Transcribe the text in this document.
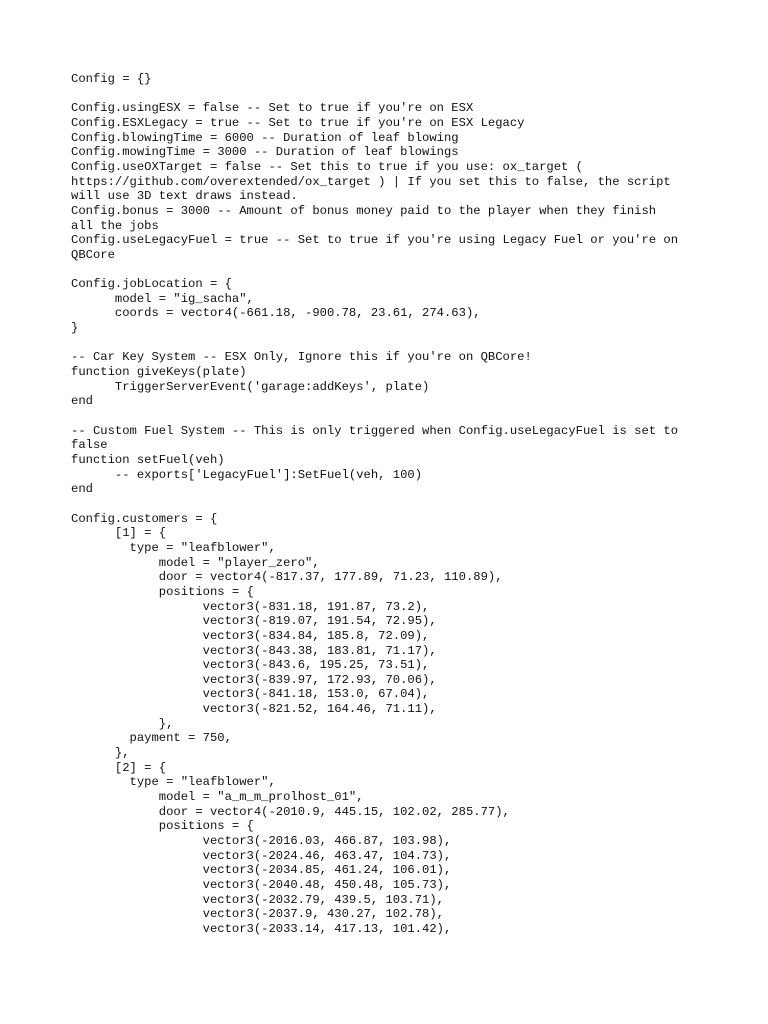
Config = {}
Config.usingESX = false -- Set to true if you're on ESX
Config.ESXLegacy = true -- Set to true if you're on ESX Legacy
Config.blowingTime = 6000 -- Duration of leaf blowing
Config.mowingTime = 3000 -- Duration of leaf blowings
Config.useOXTarget = false -- Set this to true if you use: ox_target (
https://github.com/overextended/ox_target ) | If you set this to false, the script
will use 3D text draws instead.
Config.bonus = 3000 -- Amount of bonus money paid to the player when they finish
all the jobs
Config.useLegacyFuel = true -- Set to true if you're using Legacy Fuel or you're on
QBCore
Config.jobLocation = {
model = "ig_sacha",
coords = vector4(-661.18, -900.78, 23.61, 274.63),
}
-- Car Key System -- ESX Only, Ignore this if you're on QBCore!
function giveKeys(plate)
TriggerServerEvent('garage:addKeys', plate)
end
-- Custom Fuel System -- This is only triggered when Config.useLegacyFuel is set to
false
function setFuel(veh)
-- exports['LegacyFuel']:SetFuel(veh, 100)
end
Config.customers = {
[1] = {
type = "leafblower",
model = "player_zero",
door = vector4(-817.37, 177.89, 71.23, 110.89),
positions = {
vector3(-831.18, 191.87, 73.2),
vector3(-819.07, 191.54, 72.95),
vector3(-834.84, 185.8, 72.09),
vector3(-843.38, 183.81, 71.17),
vector3(-843.6, 195.25, 73.51),
vector3(-839.97, 172.93, 70.06),
vector3(-841.18, 153.0, 67.04),
vector3(-821.52, 164.46, 71.11),
},
payment = 750,
},
[2] = {
type = "leafblower",
model = "a_m_m_prolhost_01",
door = vector4(-2010.9, 445.15, 102.02, 285.77),
positions = {
vector3(-2016.03, 466.87, 103.98),
vector3(-2024.46, 463.47, 104.73),
vector3(-2034.85, 461.24, 106.01),
vector3(-2040.48, 450.48, 105.73),
vector3(-2032.79, 439.5, 103.71),
vector3(-2037.9, 430.27, 102.78),
vector3(-2033.14, 417.13, 101.42),
